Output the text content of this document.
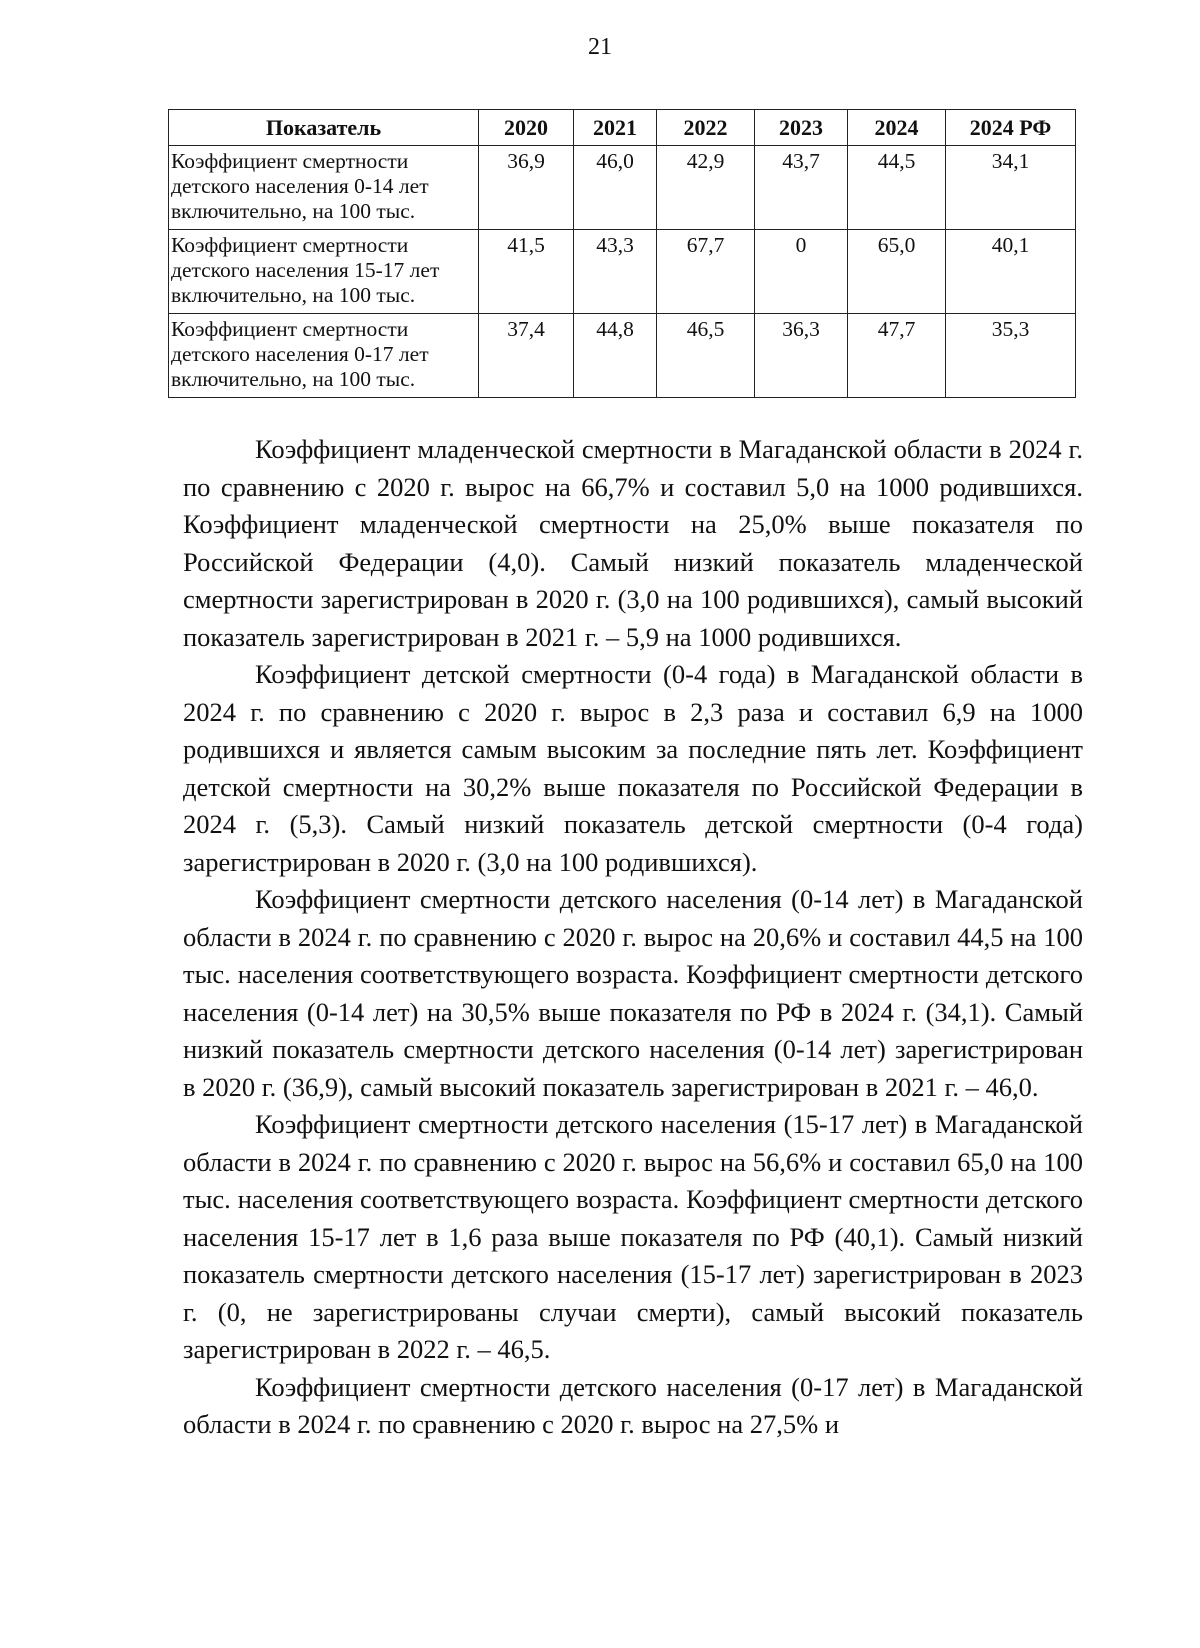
21
Показатель	2020	2021	2022	2023	2024	2024 РФ

Коэффициент смертности
детского населения 0-14 лет
включительно, на 100 тыс.	36,9	46,0	42,9	43,7	44,5	34,1

Коэффициент смертности
детского населения 15-17 лет
включительно, на 100 тыс.	41,5	43,3	67,7	0	65,0	40,1

Коэффициент смертности
детского населения 0-17 лет
включительно, на 100 тыс.	37,4	44,8	46,5	36,3	47,7	35,3

Коэффициент младенческой смертности в Магаданской области в 2024 г. по сравнению с 2020 г. вырос на 66,7% и составил 5,0 на 1000 родившихся. Коэффициент младенческой смертности на 25,0% выше показателя по Российской Федерации (4,0). Самый низкий показатель младенческой смертности зарегистрирован в 2020 г. (3,0 на 100 родившихся), самый высокий показатель зарегистрирован в 2021 г. – 5,9 на 1000 родившихся.

Коэффициент детской смертности (0-4 года) в Магаданской области в 2024 г. по сравнению с 2020 г. вырос в 2,3 раза и составил 6,9 на 1000 родившихся и является самым высоким за последние пять лет. Коэффициент детской смертности на 30,2% выше показателя по Российской Федерации в 2024 г. (5,3). Самый низкий показатель детской смертности (0-4 года) зарегистрирован в 2020 г. (3,0 на 100 родившихся).

Коэффициент смертности детского населения (0-14 лет) в Магаданской области в 2024 г. по сравнению с 2020 г. вырос на 20,6% и составил 44,5 на 100 тыс. населения соответствующего возраста. Коэффициент смертности детского населения (0-14 лет) на 30,5% выше показателя по РФ в 2024 г. (34,1). Самый низкий показатель смертности детского населения (0-14 лет) зарегистрирован в 2020 г. (36,9), самый высокий показатель зарегистрирован в 2021 г. – 46,0.

Коэффициент смертности детского населения (15-17 лет) в Магаданской области в 2024 г. по сравнению с 2020 г. вырос на 56,6% и составил 65,0 на 100 тыс. населения соответствующего возраста. Коэффициент смертности детского населения 15-17 лет в 1,6 раза выше показателя по РФ (40,1). Самый низкий показатель смертности детского населения (15-17 лет) зарегистрирован в 2023 г. (0, не зарегистрированы случаи смерти), самый высокий показатель зарегистрирован в 2022 г. – 46,5.

Коэффициент смертности детского населения (0-17 лет) в Магаданской области в 2024 г. по сравнению с 2020 г. вырос на 27,5% и
